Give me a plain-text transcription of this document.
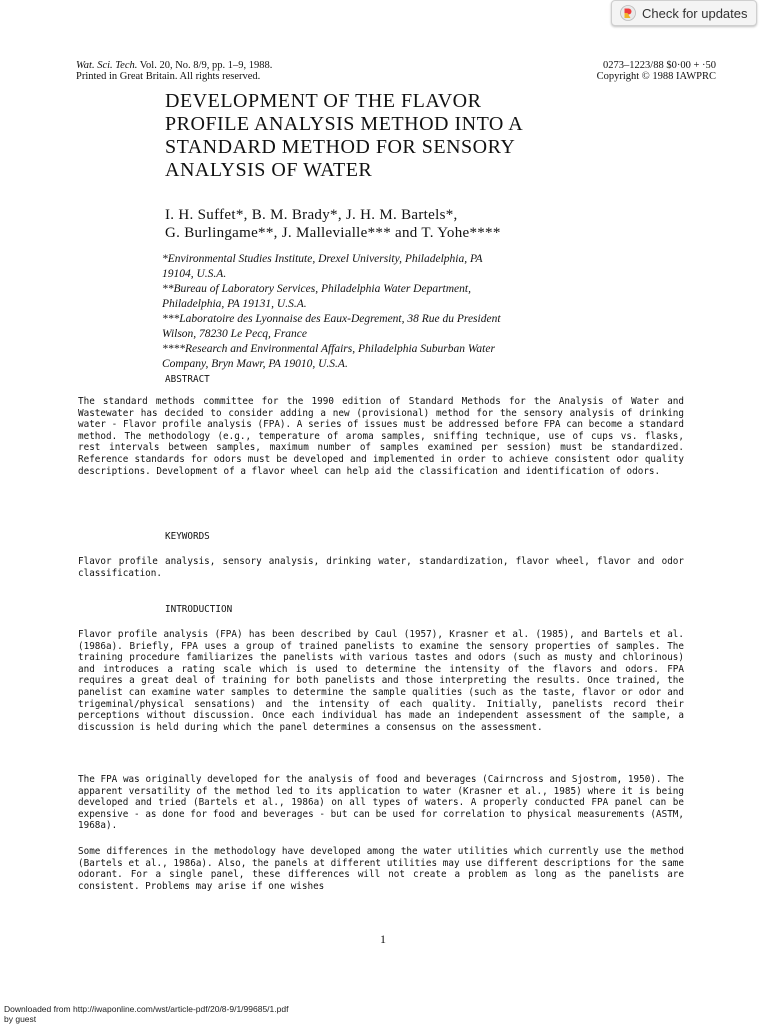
Check for updates
Wat. Sci. Tech. Vol. 20, No. 8/9, pp. 1–9, 1988.
Printed in Great Britain. All rights reserved.
0273–1223/88 $0·00 + ·50
Copyright © 1988 IAWPRC
DEVELOPMENT OF THE FLAVOR
PROFILE ANALYSIS METHOD INTO A
STANDARD METHOD FOR SENSORY
ANALYSIS OF WATER
I. H. Suffet*, B. M. Brady*, J. H. M. Bartels*,
G. Burlingame**, J. Mallevialle*** and T. Yohe****
*Environmental Studies Institute, Drexel University, Philadelphia, PA
19104, U.S.A.
**Bureau of Laboratory Services, Philadelphia Water Department,
Philadelphia, PA 19131, U.S.A.
***Laboratoire des Lyonnaise des Eaux-Degrement, 38 Rue du President
Wilson, 78230 Le Pecq, France
****Research and Environmental Affairs, Philadelphia Suburban Water
Company, Bryn Mawr, PA 19010, U.S.A.
ABSTRACT
The standard methods committee for the 1990 edition of Standard Methods for the Analysis of Water and Wastewater has decided to consider adding a new (provisional) method for the sensory analysis of drinking water - Flavor profile analysis (FPA). A series of issues must be addressed before FPA can become a standard method. The methodology (e.g., temperature of aroma samples, sniffing technique, use of cups vs. flasks, rest intervals between samples, maximum number of samples examined per session) must be standardized. Reference standards for odors must be developed and implemented in order to achieve consistent odor quality descriptions. Development of a flavor wheel can help aid the classification and identification of odors.
KEYWORDS
Flavor profile analysis, sensory analysis, drinking water, standardization, flavor wheel, flavor and odor classification.
INTRODUCTION
Flavor profile analysis (FPA) has been described by Caul (1957), Krasner et al. (1985), and Bartels et al. (1986a). Briefly, FPA uses a group of trained panelists to examine the sensory properties of samples. The training procedure familiarizes the panelists with various tastes and odors (such as musty and chlorinous) and introduces a rating scale which is used to determine the intensity of the flavors and odors. FPA requires a great deal of training for both panelists and those interpreting the results. Once trained, the panelist can examine water samples to determine the sample qualities (such as the taste, flavor or odor and trigeminal/physical sensations) and the intensity of each quality. Initially, panelists record their perceptions without discussion. Once each individual has made an independent assessment of the sample, a discussion is held during which the panel determines a consensus on the assessment.
The FPA was originally developed for the analysis of food and beverages (Cairncross and Sjostrom, 1950). The apparent versatility of the method led to its application to water (Krasner et al., 1985) where it is being developed and tried (Bartels et al., 1986a) on all types of waters. A properly conducted FPA panel can be expensive - as done for food and beverages - but can be used for correlation to physical measurements (ASTM, 1968a).
Some differences in the methodology have developed among the water utilities which currently use the method (Bartels et al., 1986a). Also, the panels at different utilities may use different descriptions for the same odorant. For a single panel, these differences will not create a problem as long as the panelists are consistent. Problems may arise if one wishes
1
Downloaded from http://iwaponline.com/wst/article-pdf/20/8-9/1/99685/1.pdf
by guest
